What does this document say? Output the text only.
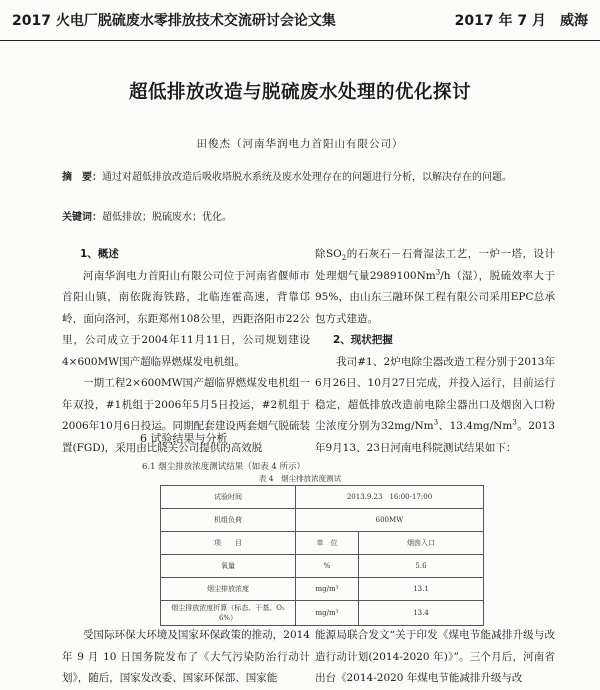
2017 火电厂脱硫废水零排放技术交流研讨会论文集	2017 年 7 月　威海
超低排放改造与脱硫废水处理的优化探讨
田俊杰（河南华润电力首阳山有限公司）
摘　要：通过对超低排放改造后吸收塔脱水系统及废水处理存在的问题进行分析，以解决存在的问题。
关键词：超低排放；脱硫废水；优化。

1、概述

河南华润电力首阳山有限公司位于河南省偃师市首阳山镇，南依陇海铁路，北临连霍高速，背靠邙岭，面向洛河，东距郑州108公里，西距洛阳市22公里，公司成立于2004年11月11日，公司规划建设4×600MW国产超临界燃煤发电机组。

一期工程2×600MW国产超临界燃煤发电机组一年双投，#1机组于2006年5月5日投运，#2机组于2006年10月6日投运。同期配套建设两套烟气脱硫装置(FGD)，采用由比晓关公司提供的高效脱

除$SO_2$的石灰石－石膏湿法工艺，一炉一塔，设计处理烟气量2989100Nm$^3$/h（湿），脱硫效率大于95%，由山东三融环保工程有限公司采用EPC总承包方式建造。

2、现状把握

我司#1、2炉电除尘器改造工程分别于2013年6月26日、10月27日完成，并投入运行，目前运行稳定，超低排放改造前电除尘器出口及烟囱入口粉尘浓度分别为32mg/Nm$^3$、13.4mg/Nm$^3$。2013年9月13、23日河南电科院测试结果如下：

6 试验结果与分析
6.1 烟尘排放浓度测试结果（如表 4 所示）
表 4　烟尘排放浓度测试
试验时间	2013.9.23　16:00-17:00	
机组负荷	600MW	
项　　目	单　位	烟囱入口
氧量	%	5.6
烟尘排放浓度	mg/m³	13.1
烟尘排放浓度折算（标态、干基、O₂ 6%）	mg/m³	13.4

受国际环保大环境及国家环保政策的推动，2014 年 9 月 10 日国务院发布了《大气污染防治行动计划》，随后，国家发改委、国家环保部、国家能

能源局联合发文“关于印发《煤电节能减排升级与改造行动计划(2014-2020 年)》”。三个月后，河南省出台《2014-2020 年煤电节能减排升级与改
